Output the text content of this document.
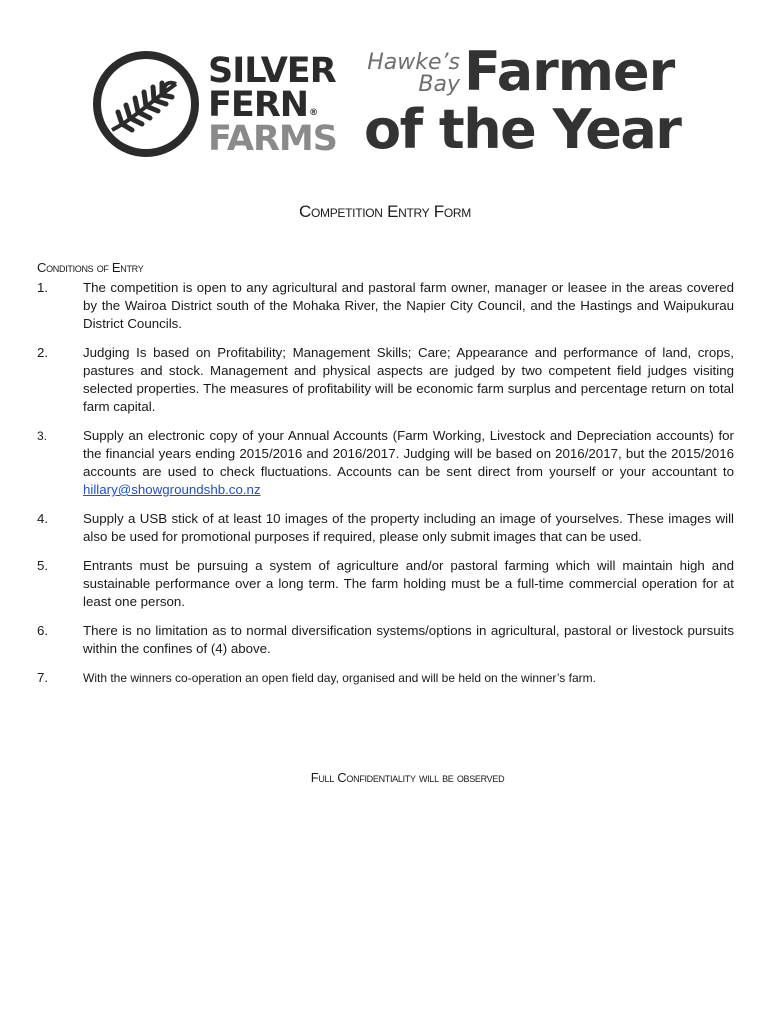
SILVER
FERN®
FARMS
Hawke’s
Bay Farmer
of the Year
Competition Entry Form
Conditions of Entry
1.	The competition is open to any agricultural and pastoral farm owner, manager or leasee in the areas covered by the Wairoa District south of the Mohaka River, the Napier City Council, and the Hastings and Waipukurau District Councils.
2.	Judging Is based on Profitability; Management Skills; Care; Appearance and performance of land, crops, pastures and stock. Management and physical aspects are judged by two competent field judges visiting selected properties. The measures of profitability will be economic farm surplus and percentage return on total farm capital.
3.	Supply an electronic copy of your Annual Accounts (Farm Working, Livestock and Depreciation accounts) for the financial years ending 2015/2016 and 2016/2017. Judging will be based on 2016/2017, but the 2015/2016 accounts are used to check fluctuations. Accounts can be sent direct from yourself or your accountant to hillary@showgroundshb.co.nz
4.	Supply a USB stick of at least 10 images of the property including an image of yourselves. These images will also be used for promotional purposes if required, please only submit images that can be used.
5.	Entrants must be pursuing a system of agriculture and/or pastoral farming which will maintain high and sustainable performance over a long term. The farm holding must be a full-time commercial operation for at least one person.
6.	There is no limitation as to normal diversification systems/options in agricultural, pastoral or livestock pursuits within the confines of (4) above.
7.	With the winners co-operation an open field day, organised and will be held on the winner’s farm.
Full Confidentiality will be observed
